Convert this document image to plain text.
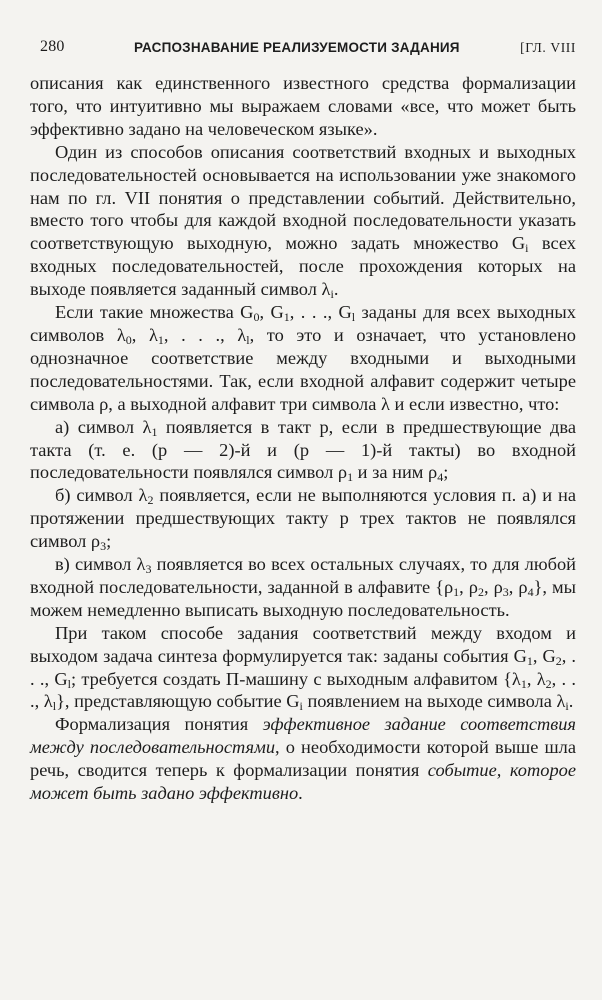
280	РАСПОЗНАВАНИЕ РЕАЛИЗУЕМОСТИ ЗАДАНИЯ	[ГЛ. VIII

описания как единственного известного средства формализации того, что интуитивно мы выражаем словами «все, что может быть эффективно задано на человеческом языке».

Один из способов описания соответствий входных и выходных последовательностей основывается на использовании уже знакомого нам по гл. VII понятия о представлении событий. Действительно, вместо того чтобы для каждой входной последовательности указать соответствующую выходную, можно задать множество $G_i$ всех входных последовательностей, после прохождения которых на выходе появляется заданный символ $\lambda_i$.

Если такие множества $G_0$, $G_1$, . . ., $G_l$ заданы для всех выходных символов $\lambda_0$, $\lambda_1$, . . ., $\lambda_l$, то это и означает, что установлено однозначное соответствие между входными и выходными последовательностями. Так, если входной алфавит содержит четыре символа ρ, а выходной алфавит три символа λ и если известно, что:

а) символ $\lambda_1$ появляется в такт p, если в предшествующие два такта (т. е. (p — 2)-й и (p — 1)-й такты) во входной последовательности появлялся символ $\rho_1$ и за ним $\rho_4$;

б) символ $\lambda_2$ появляется, если не выполняются условия п. а) и на протяжении предшествующих такту p трех тактов не появлялся символ $\rho_3$;

в) символ $\lambda_3$ появляется во всех остальных случаях, то для любой входной последовательности, заданной в алфавите {$\rho_1$, $\rho_2$, $\rho_3$, $\rho_4$}, мы можем немедленно выписать выходную последовательность.

При таком способе задания соответствий между входом и выходом задача синтеза формулируется так: заданы события $G_1$, $G_2$, . . ., $G_l$; требуется создать П-машину с выходным алфавитом {$\lambda_1$, $\lambda_2$, . . ., $\lambda_l$}, представляющую событие $G_i$ появлением на выходе символа $\lambda_i$.

Формализация понятия эффективное задание соответствия между последовательностями, о необходимости которой выше шла речь, сводится теперь к формализации понятия событие, которое может быть задано эффективно.
